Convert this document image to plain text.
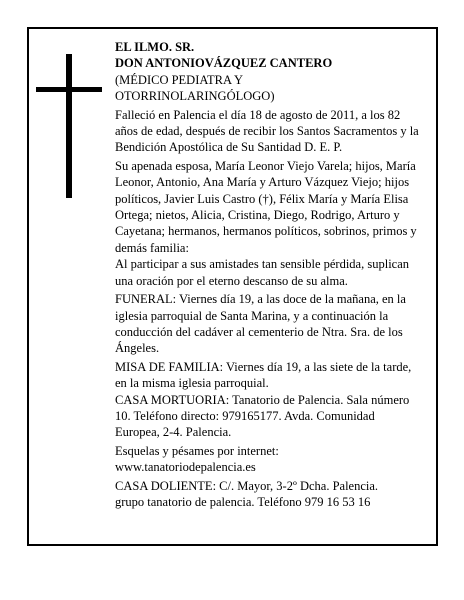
EL ILMO. SR.

DON ANTONIOVÁZQUEZ CANTERO

(MÉDICO PEDIATRA Y

OTORRINOLARINGÓLOGO)

Falleció en Palencia el día 18 de agosto de 2011, a los 82 años de edad, después de recibir los Santos Sacramentos y la Bendición Apostólica de Su Santidad D. E. P.

Su apenada esposa, María Leonor Viejo Varela; hijos, María Leonor, Antonio, Ana María y Arturo Vázquez Viejo; hijos políticos, Javier Luis Castro (†), Félix María y María Elisa Ortega; nietos, Alicia, Cristina, Diego, Rodrigo, Arturo y Cayetana; hermanos, hermanos políticos, sobrinos, primos y demás familia:

Al participar a sus amistades tan sensible pérdida, suplican una oración por el eterno descanso de su alma.

FUNERAL: Viernes día 19, a las doce de la mañana, en la iglesia parroquial de Santa Marina, y a continuación la conducción del cadáver al cementerio de Ntra. Sra. de los Ángeles.

MISA DE FAMILIA: Viernes día 19, a las siete de la tarde, en la misma iglesia parroquial.

CASA MORTUORIA: Tanatorio de Palencia. Sala número 10. Teléfono directo: 979165177. Avda. Comunidad Europea, 2-4. Palencia.

Esquelas y pésames por internet:

www.tanatoriodepalencia.es

CASA DOLIENTE: C/. Mayor, 3-2º Dcha. Palencia.

grupo tanatorio de palencia. Teléfono 979 16 53 16
